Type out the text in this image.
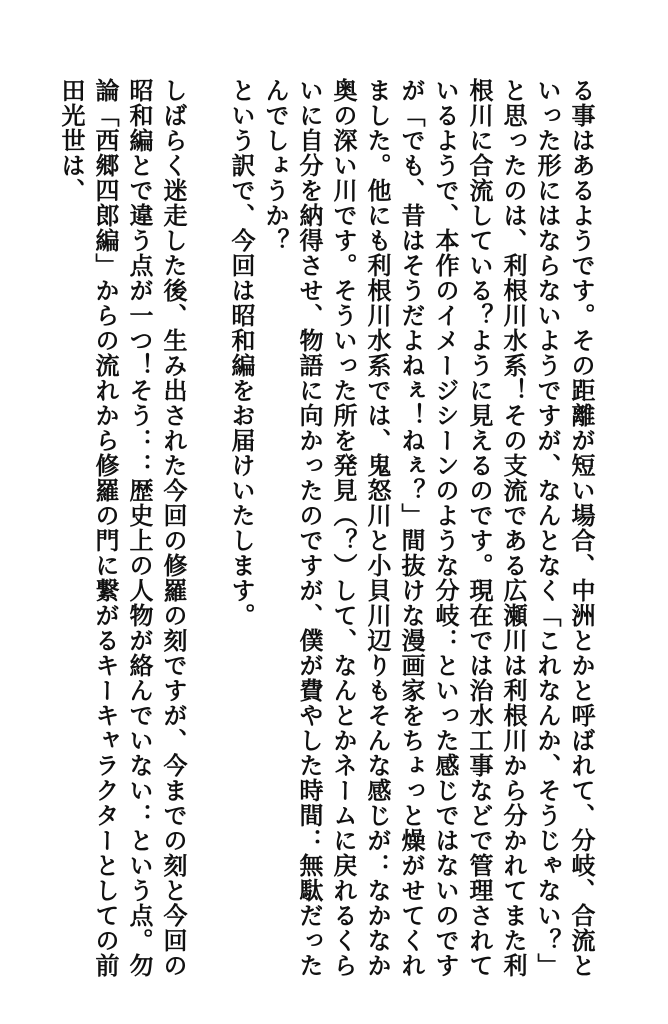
る事はあるようです。その距離が短い場合、中洲とかと呼ばれて、分岐、合流といった形にはならないようですが、なんとなく「これなんか、そうじゃない？」と思ったのは、利根川水系！その支流である広瀬川は利根川から分かれてまた利根川に合流している？ように見えるのです。現在では治水工事などで管理されているようで、本作のイメージシーンのような分岐：といった感じではないのですが「でも、昔はそうだよねぇ！ねぇ？」間抜けな漫画家をちょっと燥がせてくれました。他にも利根川水系では、鬼怒川と小貝川辺りもそんな感じが：なかなか奥の深い川です。そういった所を発見（？）して、なんとかネームに戻れるくらいに自分を納得させ、物語に向かったのですが、僕が費やした時間：無駄だったんでしょうか？

という訳で、今回は昭和編をお届けいたします。

しばらく迷走した後、生み出された今回の修羅の刻ですが、今までの刻と今回の昭和編とで違う点が一つ！そう：：歴史上の人物が絡んでいない：という点。勿論「西郷四郎編」からの流れから修羅の門に繋がるキーキャラクターとしての前田光世は、
